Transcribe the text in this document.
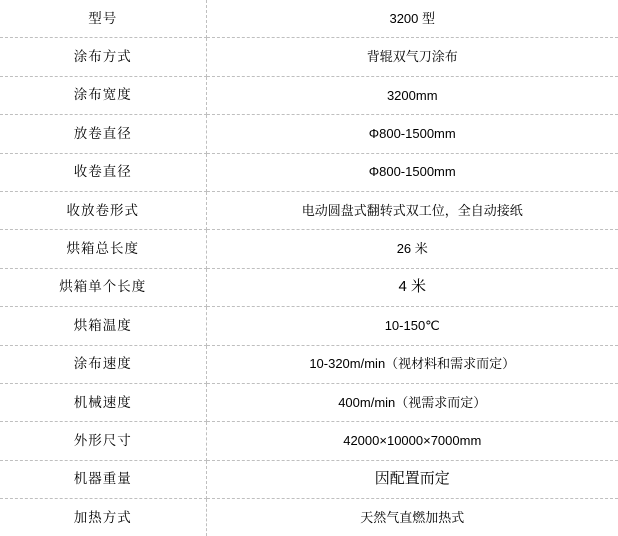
型号	3200 型
涂布方式	背辊双气刀涂布
涂布宽度	3200mm
放卷直径	Φ800-1500mm
收卷直径	Φ800-1500mm
收放卷形式	电动圆盘式翻转式双工位，全自动接纸
烘箱总长度	26 米
烘箱单个长度	4 米
烘箱温度	10-150℃
涂布速度	10-320m/min（视材料和需求而定）
机械速度	400m/min（视需求而定）
外形尺寸	42000×10000×7000mm
机器重量	因配置而定
加热方式	天然气直燃加热式
